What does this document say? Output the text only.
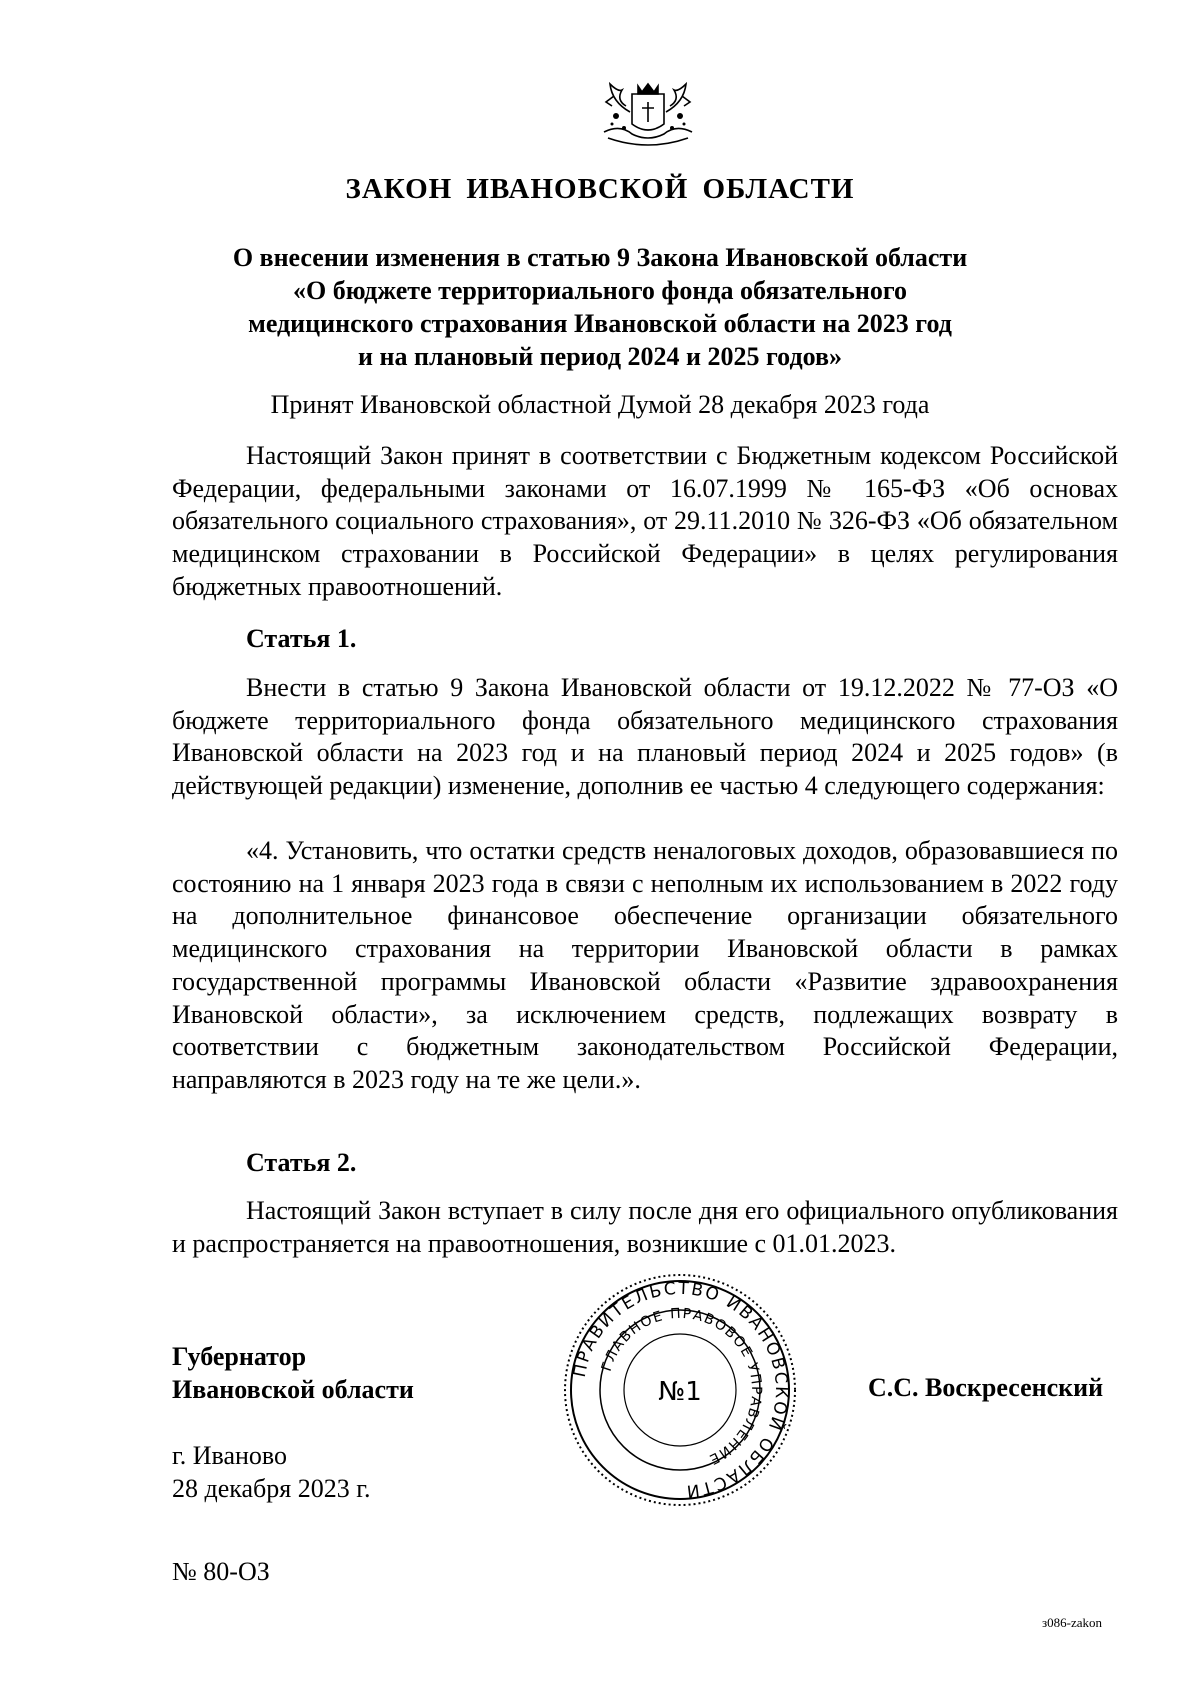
ЗАКОН ИВАНОВСКОЙ ОБЛАСТИ
О внесении изменения в статью 9 Закона Ивановской области
«О бюджете территориального фонда обязательного
медицинского страхования Ивановской области на 2023 год
и на плановый период 2024 и 2025 годов»
Принят Ивановской областной Думой 28 декабря 2023 года
Настоящий Закон принят в соответствии с Бюджетным кодексом Российской Федерации, федеральными законами от 16.07.1999 № 165-ФЗ «Об основах обязательного социального страхования», от 29.11.2010 № 326-ФЗ «Об обязательном медицинском страховании в Российской Федерации» в целях регулирования бюджетных правоотношений.
Статья 1.
Внести в статью 9 Закона Ивановской области от 19.12.2022 № 77-ОЗ «О бюджете территориального фонда обязательного медицинского страхования Ивановской области на 2023 год и на плановый период 2024 и 2025 годов» (в действующей редакции) изменение, дополнив ее частью 4 следующего содержания:
«4. Установить, что остатки средств неналоговых доходов, образовавшиеся по состоянию на 1 января 2023 года в связи с неполным их использованием в 2022 году на дополнительное финансовое обеспечение организации обязательного медицинского страхования на территории Ивановской области в рамках государственной программы Ивановской области «Развитие здравоохранения Ивановской области», за исключением средств, подлежащих возврату в соответствии с бюджетным законодательством Российской Федерации, направляются в 2023 году на те же цели.».
Статья 2.
Настоящий Закон вступает в силу после дня его официального опубликования и распространяется на правоотношения, возникшие с 01.01.2023.
Губернатор
Ивановской области
ПРАВИТЕЛЬСТВО ИВАНОВСКОЙ ОБЛАСТИ
ГЛАВНОЕ ПРАВОВОЕ УПРАВЛЕНИЕ
№1	С.С. Воскресенский
г. Иваново
28 декабря 2023 г.
№ 80-ОЗ
з086-zakon
